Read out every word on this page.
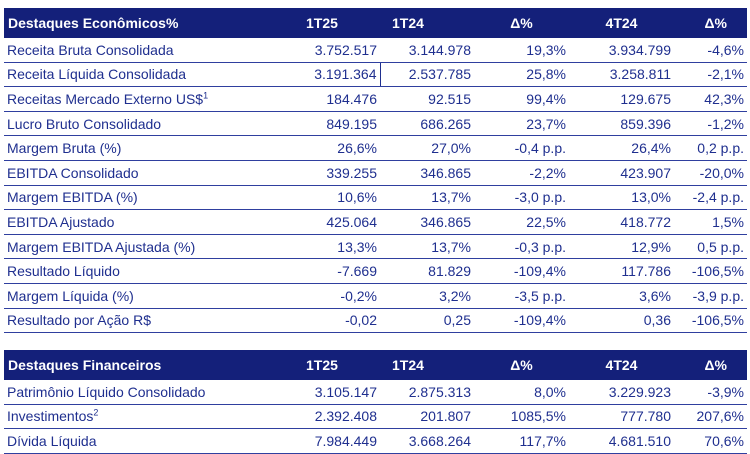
Destaques Econômicos%	1T25	1T24	Δ%	4T24	Δ%
Receita Bruta Consolidada	3.752.517	3.144.978	19,3%	3.934.799	-4,6%
Receita Líquida Consolidada	3.191.364	2.537.785	25,8%	3.258.811	-2,1%
Receitas Mercado Externo US\$$^1$	184.476	92.515	99,4%	129.675	42,3%
Lucro Bruto Consolidado	849.195	686.265	23,7%	859.396	-1,2%
Margem Bruta (%)	26,6%	27,0%	-0,4 p.p.	26,4%	0,2 p.p.
EBITDA Consolidado	339.255	346.865	-2,2%	423.907	-20,0%
Margem EBITDA (%)	10,6%	13,7%	-3,0 p.p.	13,0%	-2,4 p.p.
EBITDA Ajustado	425.064	346.865	22,5%	418.772	1,5%
Margem EBITDA Ajustada (%)	13,3%	13,7%	-0,3 p.p.	12,9%	0,5 p.p.
Resultado Líquido	-7.669	81.829	-109,4%	117.786	-106,5%
Margem Líquida (%)	-0,2%	3,2%	-3,5 p.p.	3,6%	-3,9 p.p.
Resultado por Ação R$	-0,02	0,25	-109,4%	0,36	-106,5%
Destaques Financeiros	1T25	1T24	Δ%	4T24	Δ%
Patrimônio Líquido Consolidado	3.105.147	2.875.313	8,0%	3.229.923	-3,9%
Investimentos$^2$	2.392.408	201.807	1085,5%	777.780	207,6%
Dívida Líquida	7.984.449	3.668.264	117,7%	4.681.510	70,6%
